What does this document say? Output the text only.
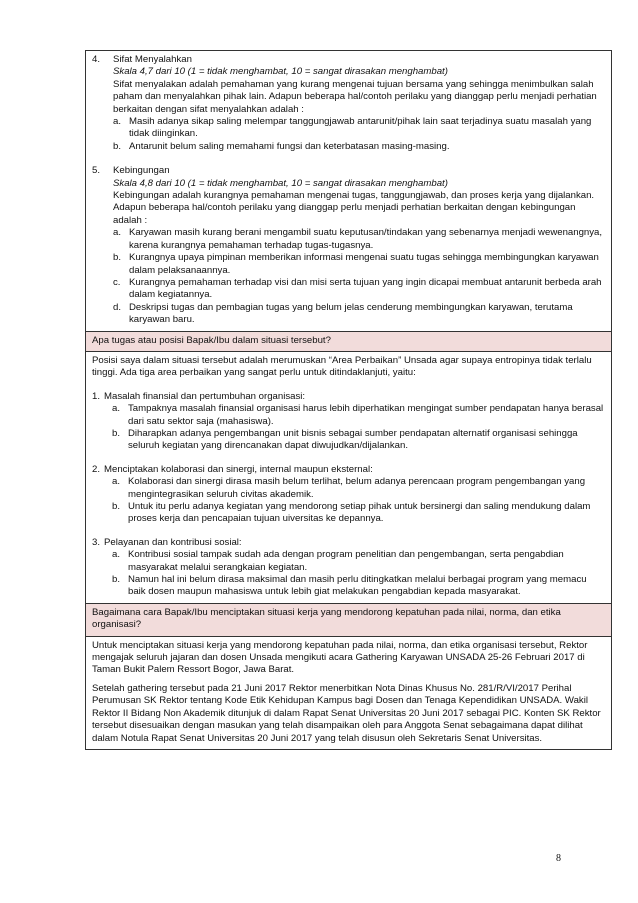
4.	Sifat Menyalahkan

Skala 4,7 dari 10 (1 = tidak menghambat, 10 = sangat dirasakan menghambat)

Sifat menyalakan adalah pemahaman yang kurang mengenai tujuan bersama yang sehingga menimbulkan salah paham dan menyalahkan pihak lain. Adapun beberapa hal/contoh perilaku yang dianggap perlu menjadi perhatian berkaitan dengan sifat menyalahkan adalah :

a. Masih adanya sikap saling melempar tanggungjawab antarunit/pihak lain saat terjadinya suatu masalah yang tidak diinginkan.
b. Antarunit belum saling memahami fungsi dan keterbatasan masing-masing.
5.	Kebingungan

Skala 4,8 dari 10 (1 = tidak menghambat, 10 = sangat dirasakan menghambat)

Kebingungan adalah kurangnya pemahaman mengenai tugas, tanggungjawab, dan proses kerja yang dijalankan. Adapun beberapa hal/contoh perilaku yang dianggap perlu menjadi perhatian berkaitan dengan kebingungan adalah :

a. Karyawan masih kurang berani mengambil suatu keputusan/tindakan yang sebenarnya menjadi wewenangnya, karena kurangnya pemahaman terhadap tugas-tugasnya.
b. Kurangnya upaya pimpinan memberikan informasi mengenai suatu tugas sehingga membingungkan karyawan dalam pelaksanaannya.
c. Kurangnya pemahaman terhadap visi dan misi serta tujuan yang ingin dicapai membuat antarunit berbeda arah dalam kegiatannya.
d. Deskripsi tugas dan pembagian tugas yang belum jelas cenderung membingungkan karyawan, terutama karyawan baru.

Apa tugas atau posisi Bapak/Ibu dalam situasi tersebut?

Posisi saya dalam situasi tersebut adalah merumuskan “Area Perbaikan” Unsada agar supaya entropinya tidak terlalu tinggi. Ada tiga area perbaikan yang sangat perlu untuk ditindaklanjuti, yaitu:

1. Masalah finansial dan pertumbuhan organisasi:

a. Tampaknya masalah finansial organisasi harus lebih diperhatikan mengingat sumber pendapatan hanya berasal dari satu sektor saja (mahasiswa).
b. Diharapkan adanya pengembangan unit bisnis sebagai sumber pendapatan alternatif organisasi sehingga seluruh kegiatan yang direncanakan dapat diwujudkan/dijalankan.
2. Menciptakan kolaborasi dan sinergi, internal maupun eksternal:

a. Kolaborasi dan sinergi dirasa masih belum terlihat, belum adanya perencaan program pengembangan yang mengintegrasikan seluruh civitas akademik.
b. Untuk itu perlu adanya kegiatan yang mendorong setiap pihak untuk bersinergi dan saling mendukung dalam proses kerja dan pencapaian tujuan uiversitas ke depannya.
3. Pelayanan dan kontribusi sosial:

a. Kontribusi sosial tampak sudah ada dengan program penelitian dan pengembangan, serta pengabdian masyarakat melalui serangkaian kegiatan.
b. Namun hal ini belum dirasa maksimal dan masih perlu ditingkatkan melalui berbagai program yang memacu baik dosen maupun mahasiswa untuk lebih giat melakukan pengabdian kepada masyarakat.

Bagaimana cara Bapak/Ibu menciptakan situasi kerja yang mendorong kepatuhan pada nilai, norma, dan etika organisasi?

Untuk menciptakan situasi kerja yang mendorong kepatuhan pada nilai, norma, dan etika organisasi tersebut, Rektor mengajak seluruh jajaran dan dosen Unsada mengikuti acara Gathering Karyawan UNSADA 25-26 Februari 2017 di Taman Bukit Palem Ressort Bogor, Jawa Barat.

Setelah gathering tersebut pada 21 Juni 2017 Rektor menerbitkan Nota Dinas Khusus No. 281/R/VI/2017 Perihal Perumusan SK Rektor tentang Kode Etik Kehidupan Kampus bagi Dosen dan Tenaga Kependidikan UNSADA. Wakil Rektor II Bidang Non Akademik ditunjuk di dalam Rapat Senat Universitas 20 Juni 2017 sebagai PIC. Konten SK Rektor tersebut disesuaikan dengan masukan yang telah disampaikan oleh para Anggota Senat sebagaimana dapat dilihat dalam Notula Rapat Senat Universitas 20 Juni 2017 yang telah disusun oleh Sekretaris Senat Universitas.

8
